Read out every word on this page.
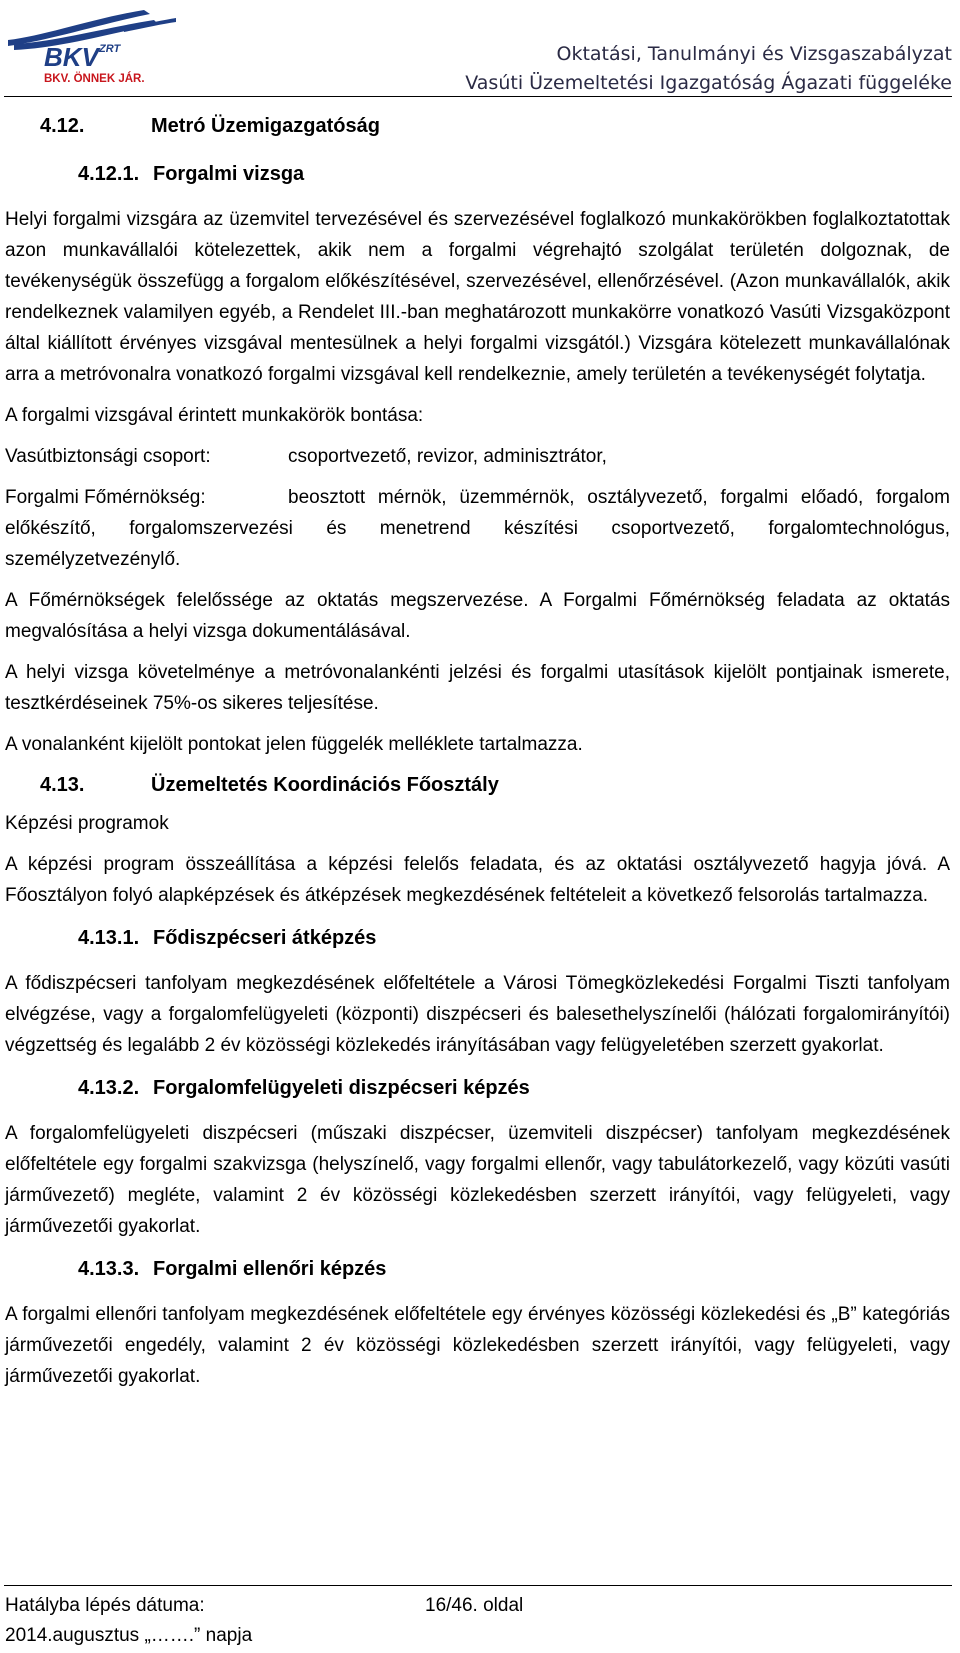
BKV ZRT
BKV. ÖNNEK JÁR.
Oktatási, Tanulmányi és Vizsgaszabályzat
Vasúti Üzemeltetési Igazgatóság Ágazati függeléke
4.12.	Metró Üzemigazgatóság
4.12.1. Forgalmi vizsga

Helyi forgalmi vizsgára az üzemvitel tervezésével és szervezésével foglalkozó munkakörökben foglalkoztatottak azon munkavállalói kötelezettek, akik nem a forgalmi végrehajtó szolgálat területén dolgoznak, de tevékenységük összefügg a forgalom előkészítésével, szervezésével, ellenőrzésével. (Azon munkavállalók, akik rendelkeznek valamilyen egyéb, a Rendelet III.-ban meghatározott munkakörre vonatkozó Vasúti Vizsgaközpont által kiállított érvényes vizsgával mentesülnek a helyi forgalmi vizsgától.) Vizsgára kötelezett munkavállalónak arra a metróvonalra vonatkozó forgalmi vizsgával kell rendelkeznie, amely területén a tevékenységét folytatja.

A forgalmi vizsgával érintett munkakörök bontása:

Vasútbiztonsági csoport:	csoportvezető, revizor, adminisztrátor,

Forgalmi Főmérnökség:	beosztott mérnök, üzemmérnök, osztályvezető, forgalmi előadó, forgalom előkészítő, forgalomszervezési és menetrend készítési csoportvezető, forgalomtechnológus, személyzetvezénylő.

A Főmérnökségek felelőssége az oktatás megszervezése. A Forgalmi Főmérnökség feladata az oktatás megvalósítása a helyi vizsga dokumentálásával.

A helyi vizsga követelménye a metróvonalankénti jelzési és forgalmi utasítások kijelölt pontjainak ismerete, tesztkérdéseinek 75%-os sikeres teljesítése.

A vonalanként kijelölt pontokat jelen függelék melléklete tartalmazza.

4.13.	Üzemeltetés Koordinációs Főosztály

Képzési programok

A képzési program összeállítása a képzési felelős feladata, és az oktatási osztályvezető hagyja jóvá. A Főosztályon folyó alapképzések és átképzések megkezdésének feltételeit a következő felsorolás tartalmazza.

4.13.1. Fődiszpécseri átképzés

A fődiszpécseri tanfolyam megkezdésének előfeltétele a Városi Tömegközlekedési Forgalmi Tiszti tanfolyam elvégzése, vagy a forgalomfelügyeleti (központi) diszpécseri és balesethelyszínelői (hálózati forgalomirányítói) végzettség és legalább 2 év közösségi közlekedés irányításában vagy felügyeletében szerzett gyakorlat.

4.13.2. Forgalomfelügyeleti diszpécseri képzés

A forgalomfelügyeleti diszpécseri (műszaki diszpécser, üzemviteli diszpécser) tanfolyam megkezdésének előfeltétele egy forgalmi szakvizsga (helyszínelő, vagy forgalmi ellenőr, vagy tabulátorkezelő, vagy közúti vasúti járművezető) megléte, valamint 2 év közösségi közlekedésben szerzett irányítói, vagy felügyeleti, vagy járművezetői gyakorlat.

4.13.3. Forgalmi ellenőri képzés

A forgalmi ellenőri tanfolyam megkezdésének előfeltétele egy érvényes közösségi közlekedési és „B” kategóriás járművezetői engedély, valamint 2 év közösségi közlekedésben szerzett irányítói, vagy felügyeleti, vagy járművezetői gyakorlat.

Hatályba lépés dátuma:	16/46. oldal
2014.augusztus „…….” napja
